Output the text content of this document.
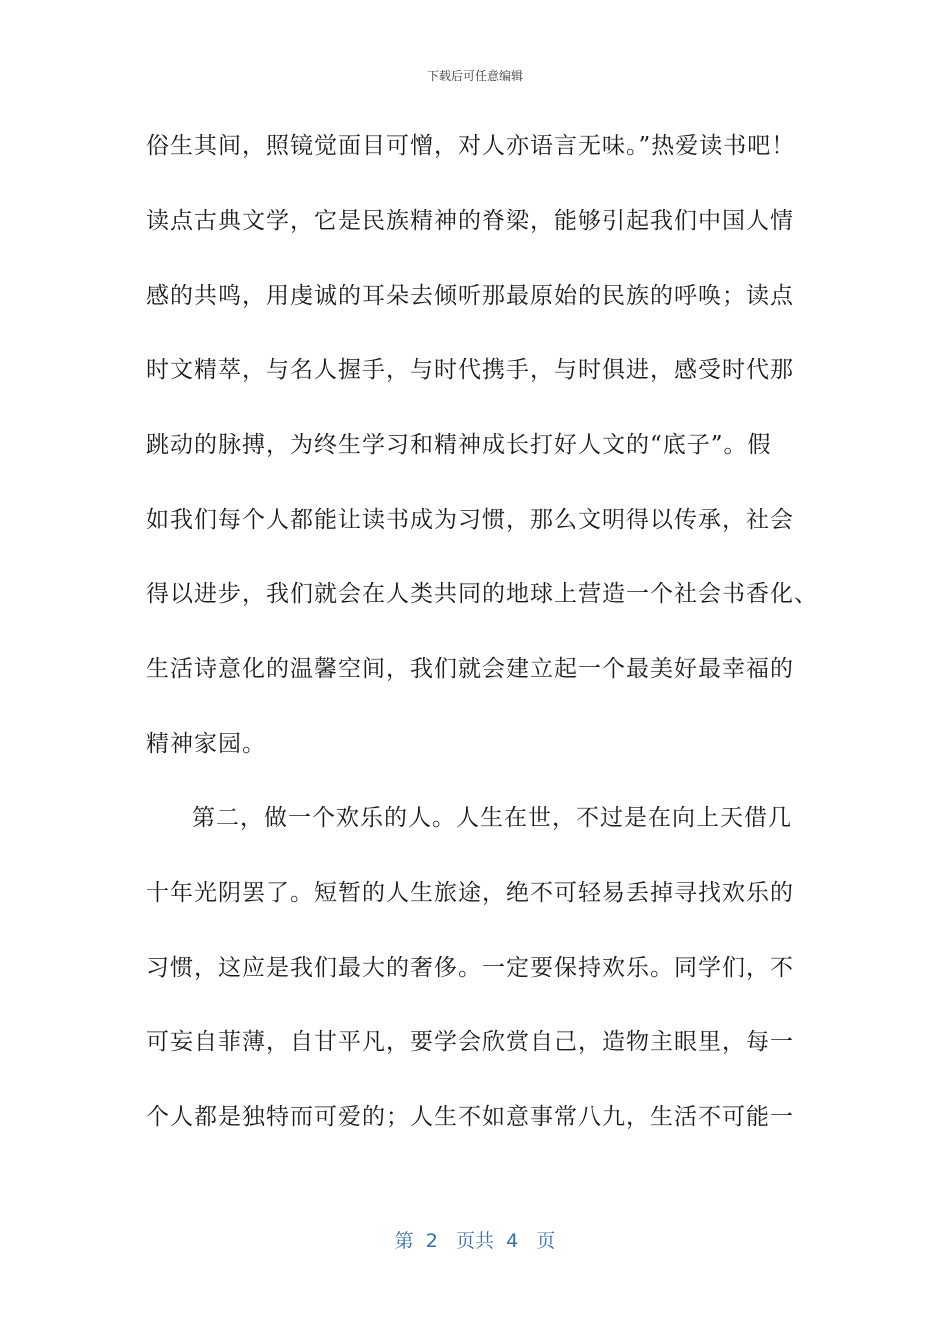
下载后可任意编辑
俗生其间，照镜觉面目可憎，对人亦语言无味。”热爱读书吧！
读点古典文学，它是民族精神的脊梁，能够引起我们中国人情
感的共鸣，用虔诚的耳朵去倾听那最原始的民族的呼唤；读点
时文精萃，与名人握手，与时代携手，与时俱进，感受时代那
跳动的脉搏，为终生学习和精神成长打好人文的“底子”。假
如我们每个人都能让读书成为习惯，那么文明得以传承，社会
得以进步，我们就会在人类共同的地球上营造一个社会书香化、
生活诗意化的温馨空间，我们就会建立起一个最美好最幸福的
精神家园。
第二，做一个欢乐的人。人生在世，不过是在向上天借几
十年光阴罢了。短暂的人生旅途，绝不可轻易丢掉寻找欢乐的
习惯，这应是我们最大的奢侈。一定要保持欢乐。同学们，不
可妄自菲薄，自甘平凡，要学会欣赏自己，造物主眼里，每一
个人都是独特而可爱的；人生不如意事常八九，生活不可能一
第 2 页共 4 页
